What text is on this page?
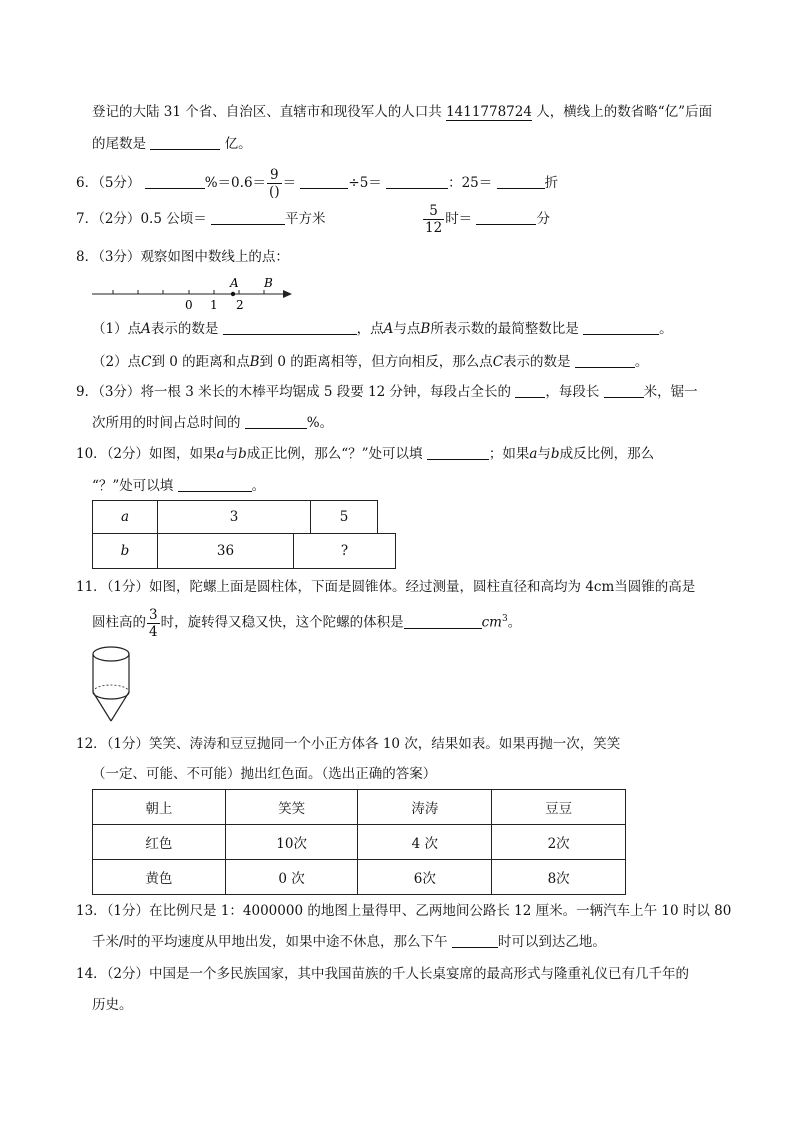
登记的大陆 31 个省、自治区、直辖市和现役军人的人口共 1411778724 人，横线上的数省略“亿”后面
的尾数是	亿。
6．（5分）	$\%=0.6= \frac{9}{()}$ ＝	÷5＝	：25＝	折
7．（2分）0.5 公顷＝	平方米	$\frac{5}{12}$ 时＝	分
8．（3分）观察如图中数线上的点：
A B
0 1 2
（1）点A表示的数是	，点A与点B所表示数的最简整数比是	。
（2）点C到 0 的距离和点B到 0 的距离相等，但方向相反，那么点C表示的数是	。
9．（3分）将一根 3 米长的木棒平均锯成 5 段要 12 分钟，每段占全长的	，每段长	米，锯一
次所用的时间占总时间的	%。
10．（2分）如图，如果a与b成正比例，那么“？”处可以填	；如果a与b成反比例，那么
“？”处可以填	。
a	3	5
b	36	?
11．（1分）如图，陀螺上面是圆柱体，下面是圆锥体。经过测量，圆柱直径和高均为 4cm当圆锥的高是
圆柱高的 $\frac{3}{4}$ 时，旋转得又稳又快，这个陀螺的体积是	$cm^3$。
12．（1分）笑笑、涛涛和豆豆抛同一个小正方体各 10 次，结果如表。如果再抛一次，笑笑
（一定、可能、不可能）抛出红色面。（选出正确的答案）
朝上	笑笑	涛涛	豆豆
红色	10次	4 次	2次
黄色	0 次	6次	8次
13．（1分）在比例尺是 1：4000000 的地图上量得甲、乙两地间公路长 12 厘米。一辆汽车上午 10 时以 80
千米/时的平均速度从甲地出发，如果中途不休息，那么下午	时可以到达乙地。
14．（2分）中国是一个多民族国家，其中我国苗族的千人长桌宴席的最高形式与隆重礼仪已有几千年的
历史。
